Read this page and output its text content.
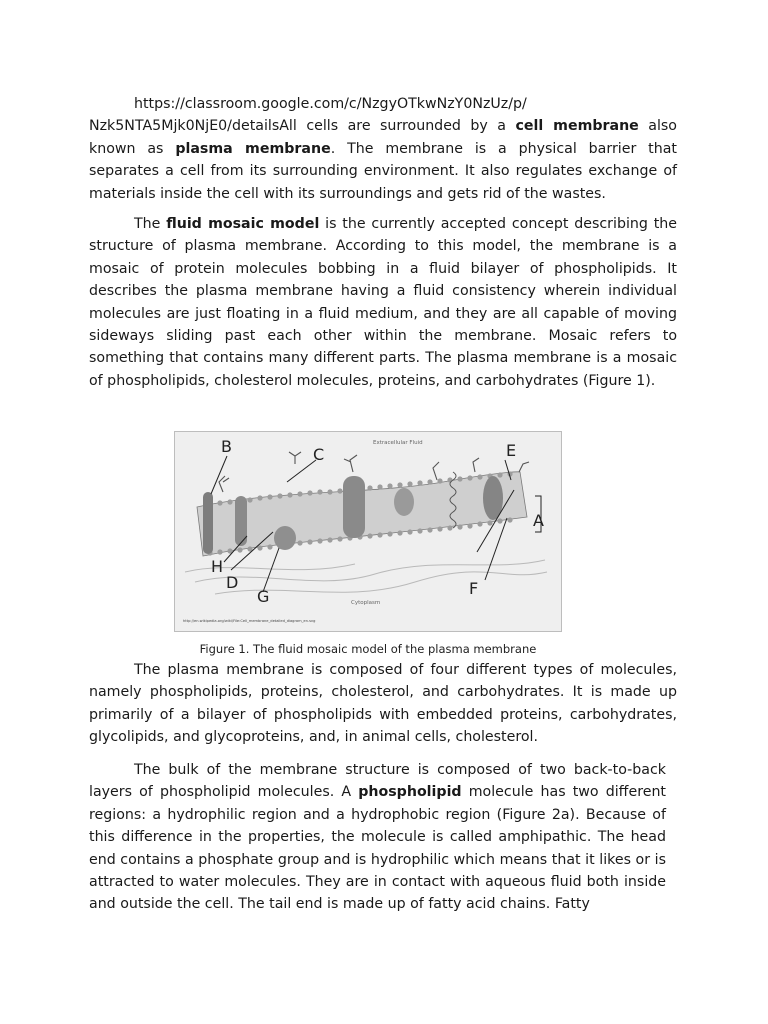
https://classroom.google.com/c/NzgyOTkwNzY0NzUz/p/
Nzk5NTA5Mjk0NjE0/detailsAll cells are surrounded by a cell membrane also known as plasma membrane. The membrane is a physical barrier that separates a cell from its surrounding environment. It also regulates exchange of materials inside the cell with its surroundings and gets rid of the wastes.

The fluid mosaic model is the currently accepted concept describing the structure of plasma membrane. According to this model, the membrane is a mosaic of protein molecules bobbing in a fluid bilayer of phospholipids. It describes the plasma membrane having a fluid consistency wherein individual molecules are just floating in a fluid medium, and they are all capable of moving sideways sliding past each other within the membrane. Mosaic refers to something that contains many different parts. The plasma membrane is a mosaic of phospholipids, cholesterol molecules, proteins, and carbohydrates (Figure 1).

Extracellular Fluid
Cytoplasm
http://en.wikipedia.org/wiki/File:Cell_membrane_detailed_diagram_en.svg
B	C	E
A
H
D
G	F

Figure 1. The fluid mosaic model of the plasma membrane

The plasma membrane is composed of four different types of molecules, namely phospholipids, proteins, cholesterol, and carbohydrates. It is made up primarily of a bilayer of phospholipids with embedded proteins, carbohydrates, glycolipids, and glycoproteins, and, in animal cells, cholesterol.

The bulk of the membrane structure is composed of two back-to-back layers of phospholipid molecules. A phospholipid molecule has two different regions: a hydrophilic region and a hydrophobic region (Figure 2a). Because of this difference in the properties, the molecule is called amphipathic. The head end contains a phosphate group and is hydrophilic which means that it likes or is attracted to water molecules. They are in contact with aqueous fluid both inside and outside the cell. The tail end is made up of fatty acid chains. Fatty
